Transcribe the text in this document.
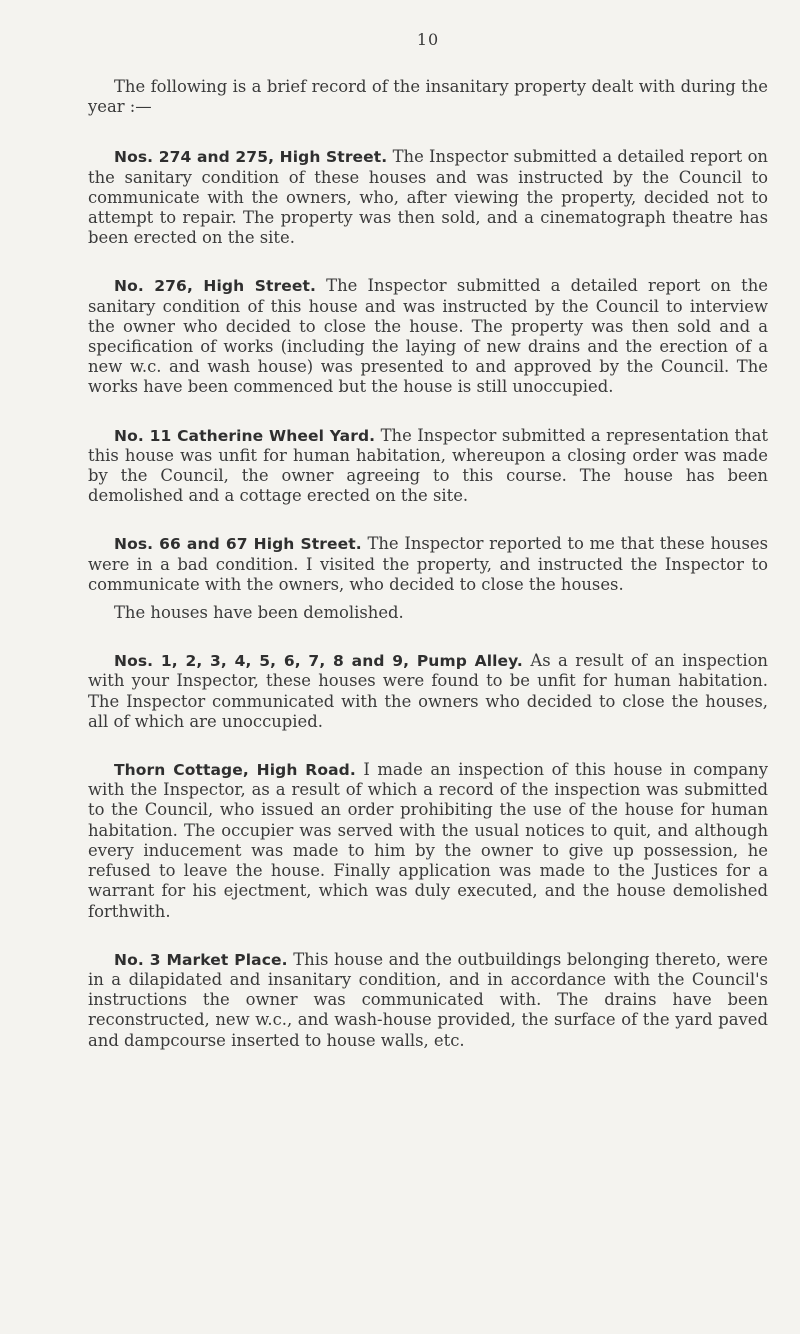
10

The following is a brief record of the insanitary property dealt with during the year :—

Nos. 274 and 275, High Street. The Inspector submitted a detailed report on the sanitary condition of these houses and was instructed by the Council to communicate with the owners, who, after viewing the property, decided not to attempt to repair. The property was then sold, and a cinematograph theatre has been erected on the site.

No. 276, High Street. The Inspector submitted a detailed report on the sanitary condition of this house and was instructed by the Council to interview the owner who decided to close the house. The property was then sold and a specification of works (including the laying of new drains and the erection of a new w.c. and wash house) was presented to and approved by the Council. The works have been commenced but the house is still unoccupied.

No. 11 Catherine Wheel Yard. The Inspector submitted a representation that this house was unfit for human habitation, whereupon a closing order was made by the Council, the owner agreeing to this course. The house has been demolished and a cottage erected on the site.

Nos. 66 and 67 High Street. The Inspector reported to me that these houses were in a bad condition. I visited the property, and instructed the Inspector to communicate with the owners, who decided to close the houses.

The houses have been demolished.

Nos. 1, 2, 3, 4, 5, 6, 7, 8 and 9, Pump Alley. As a result of an inspection with your Inspector, these houses were found to be unfit for human habitation. The Inspector communicated with the owners who decided to close the houses, all of which are unoccupied.

Thorn Cottage, High Road. I made an inspection of this house in company with the Inspector, as a result of which a record of the inspection was submitted to the Council, who issued an order prohibiting the use of the house for human habitation. The occupier was served with the usual notices to quit, and although every inducement was made to him by the owner to give up possession, he refused to leave the house. Finally application was made to the Justices for a warrant for his ejectment, which was duly executed, and the house demolished forthwith.

No. 3 Market Place. This house and the outbuildings belonging thereto, were in a dilapidated and insanitary condition, and in accordance with the Council's instructions the owner was communicated with. The drains have been reconstructed, new w.c., and wash-house provided, the surface of the yard paved and dampcourse inserted to house walls, etc.
